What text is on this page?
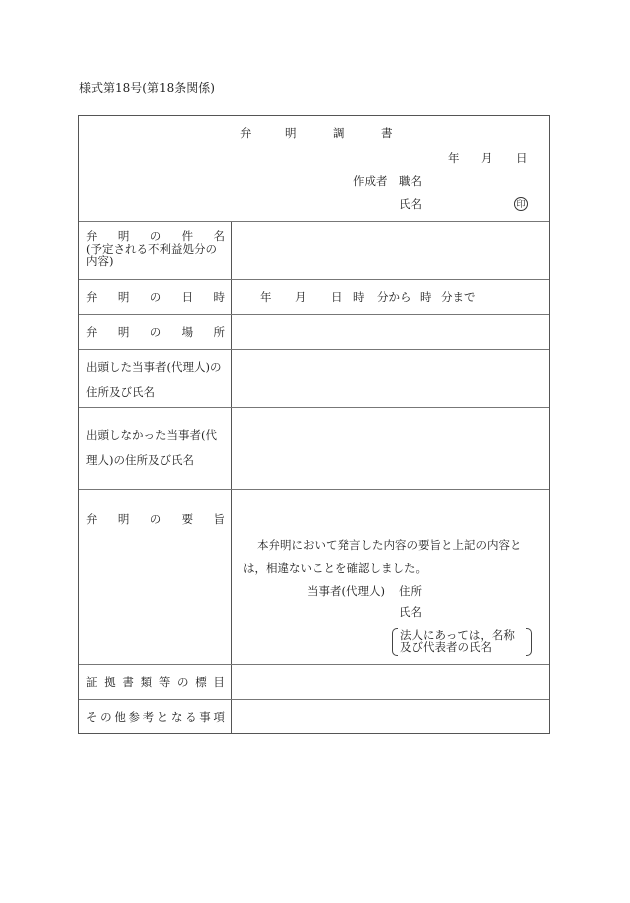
様式第18号(第18条関係)
弁	明	調	書
年 月 日
作成者 職名
氏名	印
弁 明 の 件 名
(予定される不利益処分の内容)
弁 明 の 日 時	年 月 日 時 分から 時 分まで
弁 明 の 場 所
出頭した当事者(代理人)の住所及び氏名
出頭しなかった当事者(代理人)の住所及び氏名
弁 明 の 要 旨
本弁明において発言した内容の要旨と上記の内容と
は，相違ないことを確認しました。
当事者(代理人) 住所
氏名
法人にあっては，名称及び代表者の氏名
証 拠 書 類 等 の 標 目
そ の 他 参 考 と な る 事 項
